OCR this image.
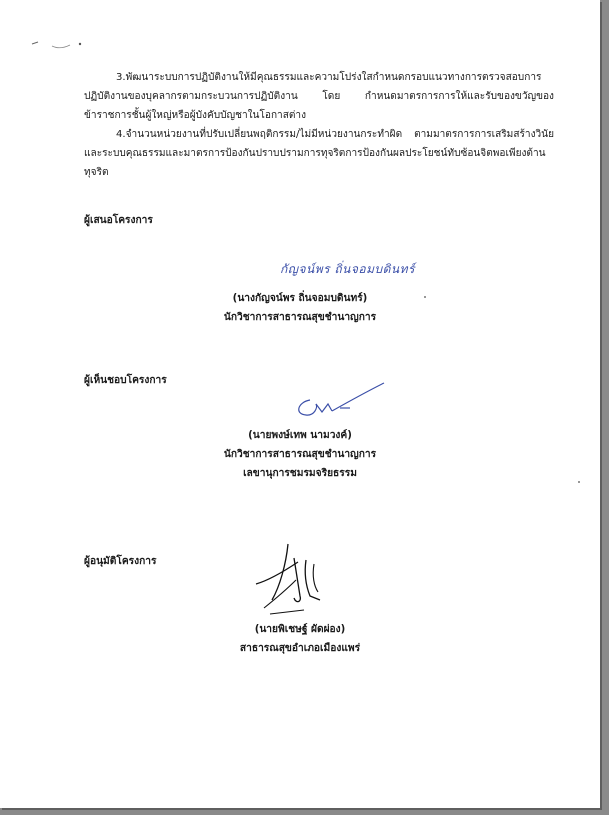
3.พัฒนาระบบการปฏิบัติงานให้มีคุณธรรมและความโปร่งใสกำหนดกรอบแนวทางการตรวจสอบการปฏิบัติงานของบุคลากรตามกระบวนการปฏิบัติงาน โดย กำหนดมาตรการการให้และรับของขวัญของข้าราชการชั้นผู้ใหญ่หรือผู้บังคับบัญชาในโอกาสต่าง
4.จำนวนหน่วยงานที่ปรับเปลี่ยนพฤติกรรม/ไม่มีหน่วยงานกระทำผิด ตามมาตรการการเสริมสร้างวินัยและระบบคุณธรรมและมาตรการป้องกันปราบปรามการทุจริตการป้องกันผลประโยชน์ทับซ้อนจิตพอเพียงต้านทุจริต
ผู้เสนอโครงการ
กัญจน์พร ถิ่นจอมบดินทร์
(นางกัญจน์พร ถิ่นจอมบดินทร์)
นักวิชาการสาธารณสุขชำนาญการ
ผู้เห็นชอบโครงการ
(นายพงษ์เทพ นามวงค์)
นักวิชาการสาธารณสุขชำนาญการ
เลขานุการชมรมจริยธรรม
ผู้อนุมัติโครงการ
(นายพิเชษฐ์ ผัดผ่อง)
สาธารณสุขอำเภอเมืองแพร่
